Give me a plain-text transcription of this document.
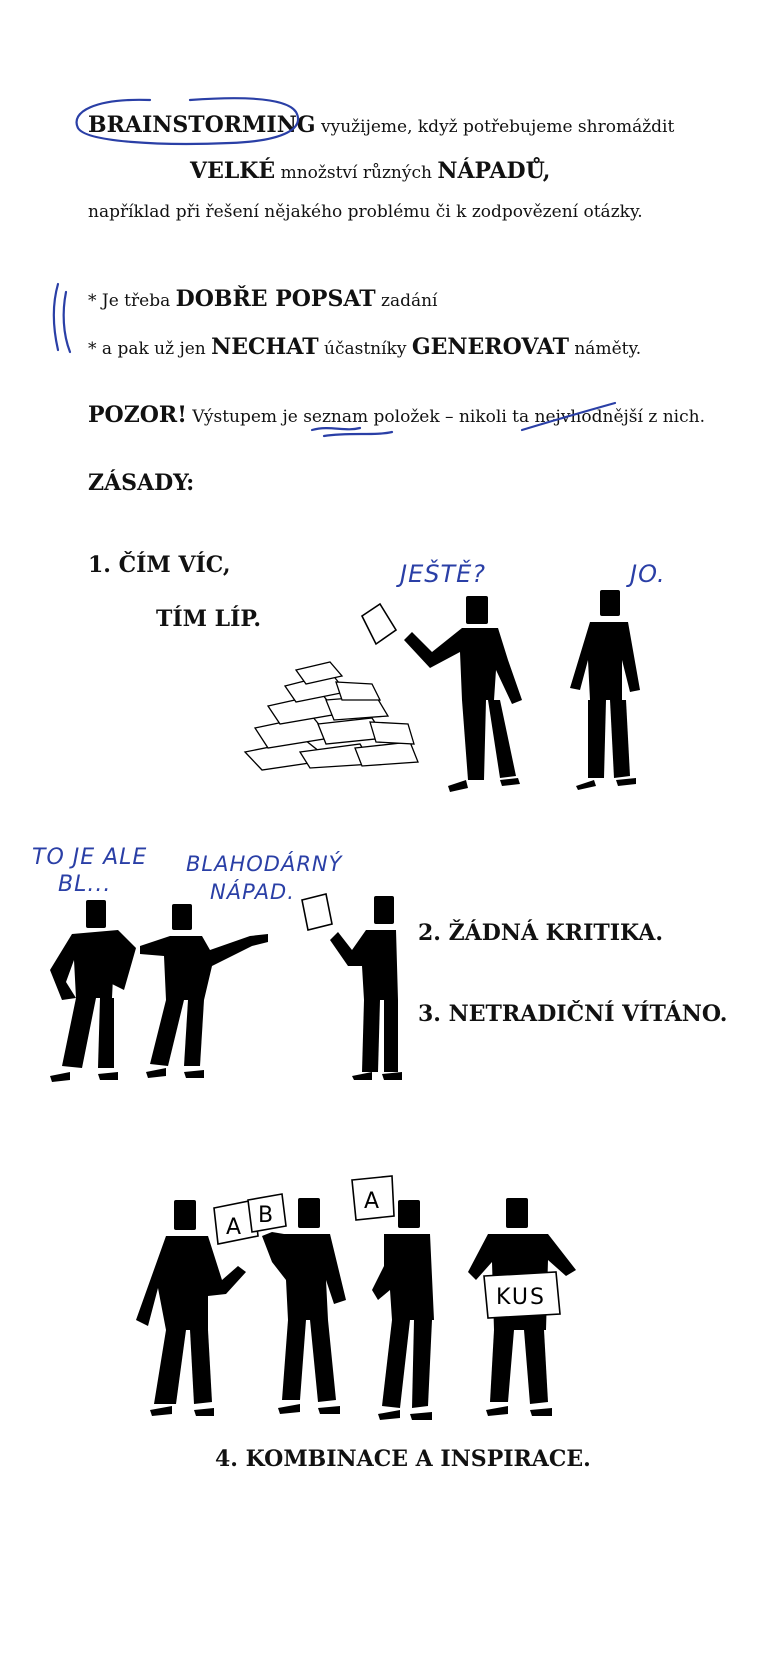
BRAINSTORMING využijeme, když potřebujeme shromáždit
VELKÉ množství různých NÁPADŮ,
například při řešení nějakého problému či k zodpovězení otázky.
* Je třeba DOBŘE POPSAT zadání
* a pak už jen NECHAT účastníky GENEROVAT náměty.
POZOR! Výstupem je seznam položek – nikoli ta nejvhodnější z nich.
ZÁSADY:
1. ČÍM VÍC,
TÍM LÍP.
2. ŽÁDNÁ KRITIKA.
3. NETRADIČNÍ VÍTÁNO.
4. KOMBINACE A INSPIRACE.
JEŠTĚ?	JO.
TO JE ALE
BL...
BLAHODÁRNÝ
NÁPAD.
A B
A
KUS
